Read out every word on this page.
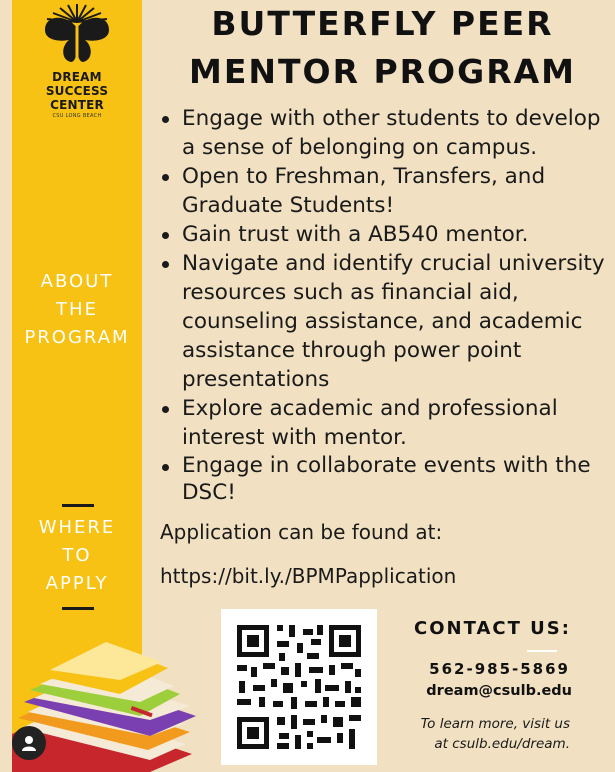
DREAM
SUCCESS
CENTER
CSU LONG BEACH
ABOUT
THE
PROGRAM
WHERE
TO
APPLY
BUTTERFLY PEER
MENTOR PROGRAM
Engage with other students to develop
a sense of belonging on campus.
Open to Freshman, Transfers, and
Graduate Students!
Gain trust with a AB540 mentor.
Navigate and identify crucial university
resources such as financial aid,
counseling assistance, and academic
assistance through power point
presentations
Explore academic and professional
interest with mentor.
Engage in collaborate events with the
DSC!
Application can be found at:
https://bit.ly./BPMPapplication
CONTACT US:
562-985-5869
dream@csulb.edu
To learn more, visit us
at csulb.edu/dream.
